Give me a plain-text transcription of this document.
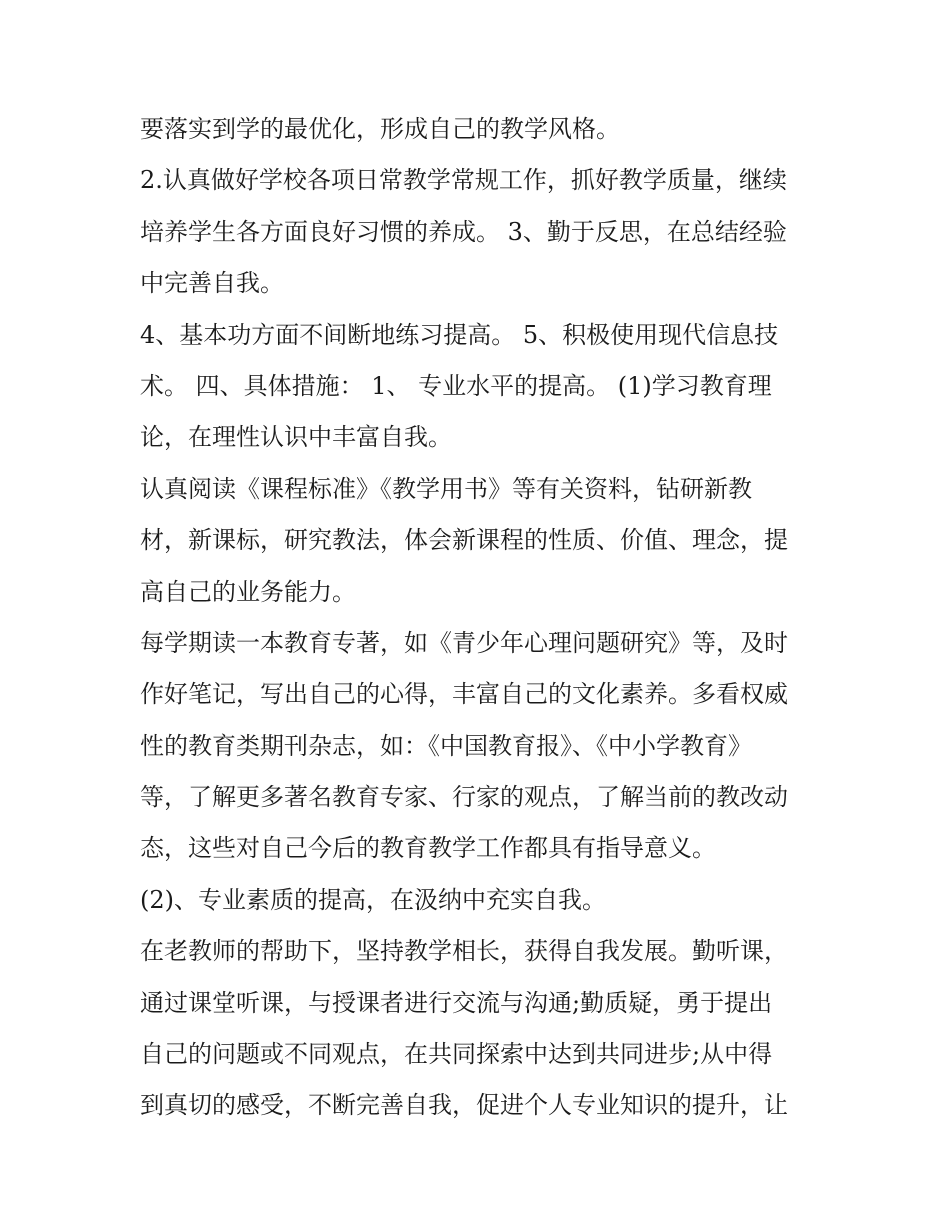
要落实到学的最优化，形成自己的教学风格。
2.认真做好学校各项日常教学常规工作，抓好教学质量，继续
培养学生各方面良好习惯的养成。 3、勤于反思，在总结经验
中完善自我。
4、基本功方面不间断地练习提高。 5、积极使用现代信息技
术。 四、具体措施： 1、 专业水平的提高。 (1)学习教育理
论，在理性认识中丰富自我。
认真阅读《课程标准》《教学用书》等有关资料，钻研新教
材，新课标，研究教法，体会新课程的性质、价值、理念，提
高自己的业务能力。
每学期读一本教育专著，如《青少年心理问题研究》等，及时
作好笔记，写出自己的心得，丰富自己的文化素养。多看权威
性的教育类期刊杂志，如：《中国教育报》、《中小学教育》
等，了解更多著名教育专家、行家的观点，了解当前的教改动
态，这些对自己今后的教育教学工作都具有指导意义。
(2)、专业素质的提高，在汲纳中充实自我。
在老教师的帮助下，坚持教学相长，获得自我发展。勤听课，
通过课堂听课，与授课者进行交流与沟通;勤质疑，勇于提出
自己的问题或不同观点，在共同探索中达到共同进步;从中得
到真切的感受，不断完善自我，促进个人专业知识的提升，让
